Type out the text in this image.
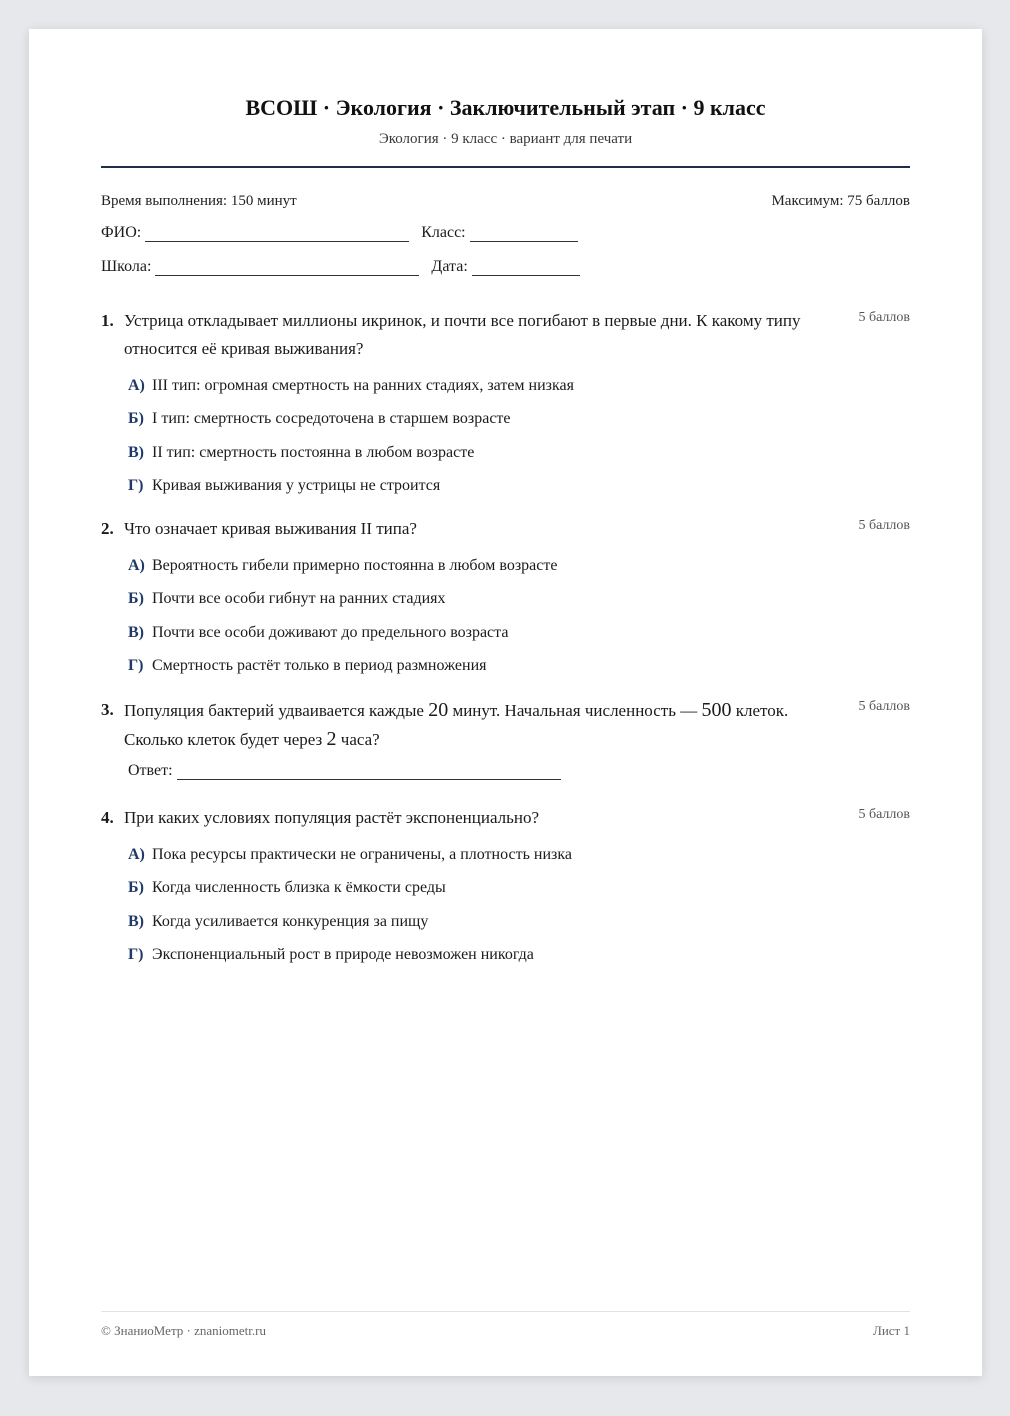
ВСОШ · Экология · Заключительный этап · 9 класс
Экология · 9 класс · вариант для печати
Время выполнения: 150 минут	Максимум: 75 баллов
ФИО:	Класс:
Школа:	Дата:
1. Устрица откладывает миллионы икринок, и почти все погибают в первые дни. К какому типу относится её кривая выживания?
5 баллов
А) III тип: огромная смертность на ранних стадиях, затем низкая
Б) I тип: смертность сосредоточена в старшем возрасте
В) II тип: смертность постоянна в любом возрасте
Г) Кривая выживания у устрицы не строится
2. Что означает кривая выживания II типа?	5 баллов
А) Вероятность гибели примерно постоянна в любом возрасте
Б) Почти все особи гибнут на ранних стадиях
В) Почти все особи доживают до предельного возраста
Г) Смертность растёт только в период размножения
3. Популяция бактерий удваивается каждые 20 минут. Начальная численность — 500 клеток. Сколько клеток будет через 2 часа?
5 баллов
Ответ:
4. При каких условиях популяция растёт экспоненциально?	5 баллов
А) Пока ресурсы практически не ограничены, а плотность низка
Б) Когда численность близка к ёмкости среды
В) Когда усиливается конкуренция за пищу
Г) Экспоненциальный рост в природе невозможен никогда
© ЗнаниоМетр · znaniometr.ru	Лист 1
